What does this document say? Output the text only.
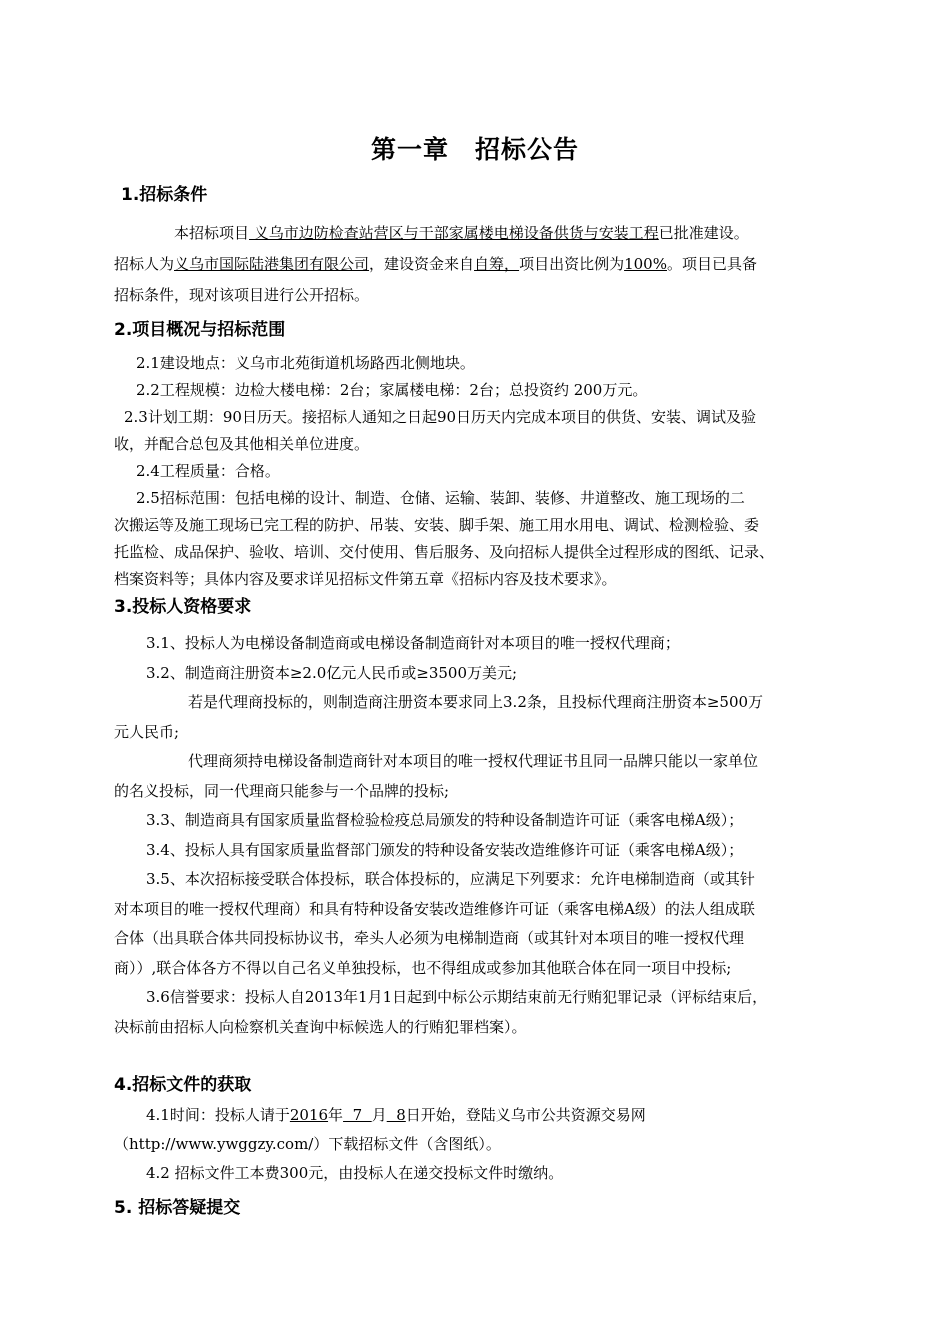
第一章 招标公告
1.招标条件
本招标项目 义乌市边防检查站营区与干部家属楼电梯设备供货与安装工程已批准建设。
招标人为义乌市国际陆港集团有限公司，建设资金来自自筹，项目出资比例为100%。项目已具备
招标条件，现对该项目进行公开招标。
2.项目概况与招标范围
2.1建设地点：义乌市北苑街道机场路西北侧地块。
2.2工程规模：边检大楼电梯：2台；家属楼电梯：2台；总投资约 200万元。
2.3计划工期：90日历天。接招标人通知之日起90日历天内完成本项目的供货、安装、调试及验
收，并配合总包及其他相关单位进度。
2.4工程质量：合格。
2.5招标范围：包括电梯的设计、制造、仓储、运输、装卸、装修、井道整改、施工现场的二
次搬运等及施工现场已完工程的防护、吊装、安装、脚手架、施工用水用电、调试、检测检验、委
托监检、成品保护、验收、培训、交付使用、售后服务、及向招标人提供全过程形成的图纸、记录、
档案资料等；具体内容及要求详见招标文件第五章《招标内容及技术要求》。
3.投标人资格要求
3.1、投标人为电梯设备制造商或电梯设备制造商针对本项目的唯一授权代理商；
3.2、制造商注册资本≥2.0亿元人民币或≥3500万美元;
若是代理商投标的，则制造商注册资本要求同上3.2条，且投标代理商注册资本≥500万
元人民币;
代理商须持电梯设备制造商针对本项目的唯一授权代理证书且同一品牌只能以一家单位
的名义投标，同一代理商只能参与一个品牌的投标;
3.3、制造商具有国家质量监督检验检疫总局颁发的特种设备制造许可证（乘客电梯A级）；
3.4、投标人具有国家质量监督部门颁发的特种设备安装改造维修许可证（乘客电梯A级）；
3.5、本次招标接受联合体投标，联合体投标的，应满足下列要求：允许电梯制造商（或其针
对本项目的唯一授权代理商）和具有特种设备安装改造维修许可证（乘客电梯A级）的法人组成联
合体（出具联合体共同投标协议书，牵头人必须为电梯制造商（或其针对本项目的唯一授权代理
商））,联合体各方不得以自己名义单独投标，也不得组成或参加其他联合体在同一项目中投标;
3.6信誉要求：投标人自2013年1月1日起到中标公示期结束前无行贿犯罪记录（评标结束后，
决标前由招标人向检察机关查询中标候选人的行贿犯罪档案）。
4.招标文件的获取
4.1时间：投标人请于2016年  7  月  8日开始，登陆义乌市公共资源交易网
（http://www.ywggzy.com/）下载招标文件（含图纸）。
4.2 招标文件工本费300元，由投标人在递交投标文件时缴纳。
5. 招标答疑提交
